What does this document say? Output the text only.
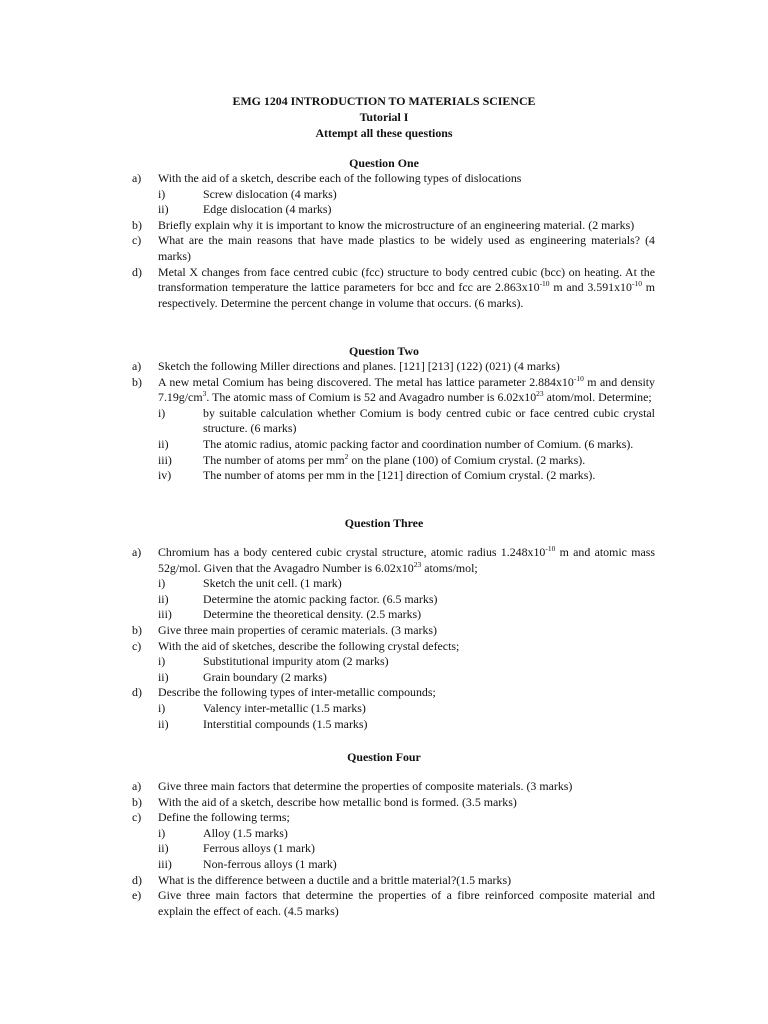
EMG 1204 INTRODUCTION TO MATERIALS SCIENCE
Tutorial I
Attempt all these questions
Question One
a)	With the aid of a sketch, describe each of the following types of dislocations
i)	Screw dislocation (4 marks)
ii)	Edge dislocation (4 marks)
b)	Briefly explain why it is important to know the microstructure of an engineering material. (2 marks)
c)	What are the main reasons that have made plastics to be widely used as engineering materials? (4 marks)
d)	Metal X changes from face centred cubic (fcc) structure to body centred cubic (bcc) on heating. At the transformation temperature the lattice parameters for bcc and fcc are $2.863x10^{-10}$ m and $3.591x10^{-10}$ m respectively. Determine the percent change in volume that occurs. (6 marks).
Question Two
a)	Sketch the following Miller directions and planes. [121] [213] (122) (021) (4 marks)
b)	A new metal Comium has being discovered. The metal has lattice parameter $2.884x10^{-10}$ m and density $7.19g/cm^3$. The atomic mass of Comium is 52 and Avagadro number is $6.02x10^{23}$ atom/mol. Determine;
i)	by suitable calculation whether Comium is body centred cubic or face centred cubic crystal structure. (6 marks)
ii)	The atomic radius, atomic packing factor and coordination number of Comium. (6 marks).
iii)	The number of atoms per $mm^2$ on the plane (100) of Comium crystal. (2 marks).
iv)	The number of atoms per mm in the [121] direction of Comium crystal. (2 marks).
Question Three
a)	Chromium has a body centered cubic crystal structure, atomic radius $1.248x10^{-10}$ m and atomic mass 52g/mol. Given that the Avagadro Number is $6.02x10^{23}$ atoms/mol;
i)	Sketch the unit cell. (1 mark)
ii)	Determine the atomic packing factor. (6.5 marks)
iii)	Determine the theoretical density. (2.5 marks)
b)	Give three main properties of ceramic materials. (3 marks)
c)	With the aid of sketches, describe the following crystal defects;
i)	Substitutional impurity atom (2 marks)
ii)	Grain boundary (2 marks)
d)	Describe the following types of inter-metallic compounds;
i)	Valency inter-metallic (1.5 marks)
ii)	Interstitial compounds (1.5 marks)
Question Four
a)	Give three main factors that determine the properties of composite materials. (3 marks)
b)	With the aid of a sketch, describe how metallic bond is formed. (3.5 marks)
c)	Define the following terms;
i)	Alloy (1.5 marks)
ii)	Ferrous alloys (1 mark)
iii)	Non-ferrous alloys (1 mark)
d)	What is the difference between a ductile and a brittle material?(1.5 marks)
e)	Give three main factors that determine the properties of a fibre reinforced composite material and explain the effect of each. (4.5 marks)
